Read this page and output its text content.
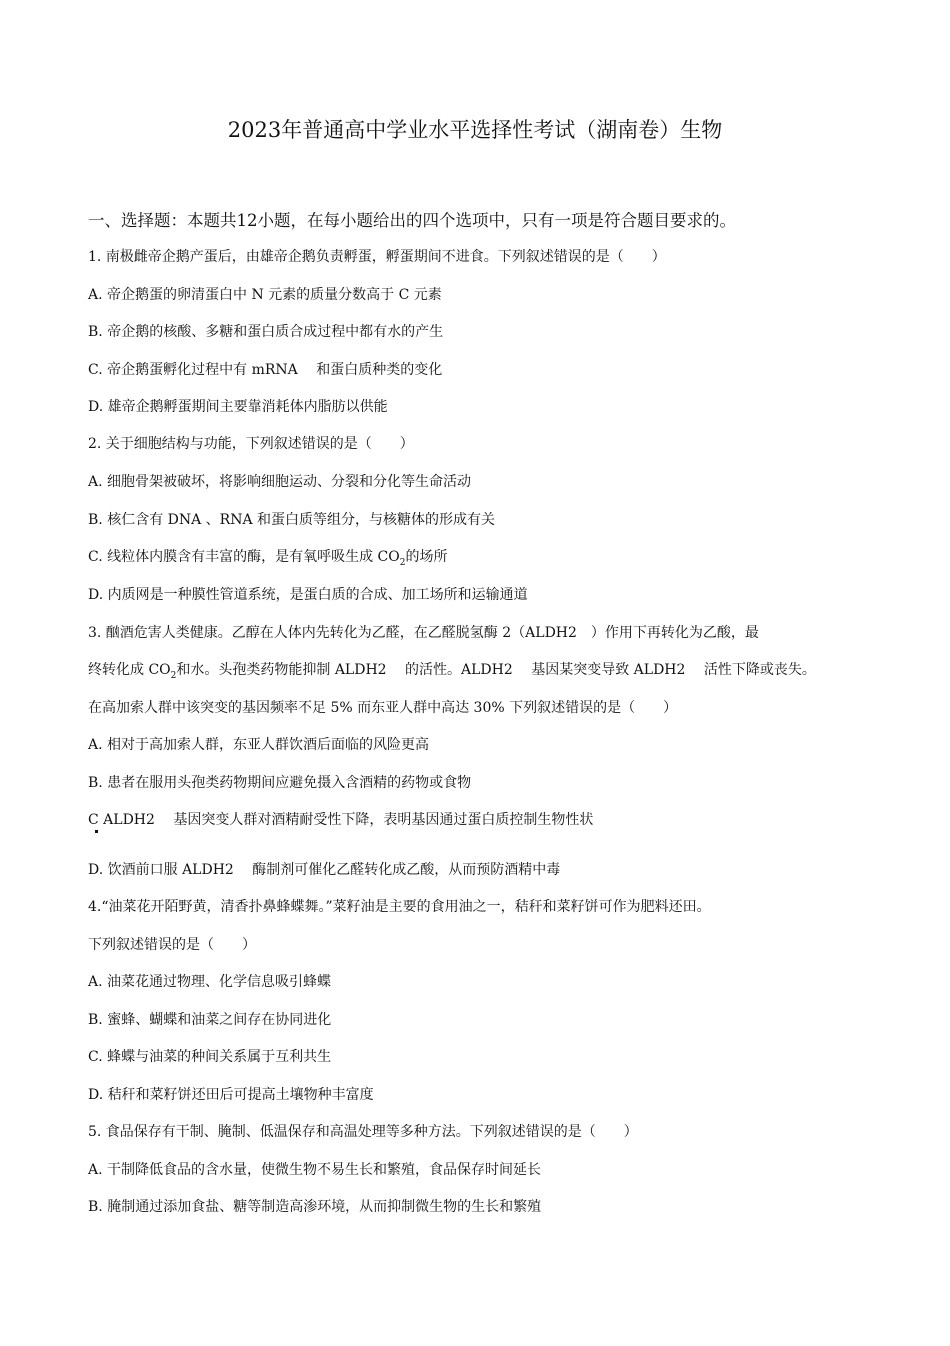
2023年普通高中学业水平选择性考试（湖南卷）生物
一、选择题：本题共12小题，在每小题给出的四个选项中，只有一项是符合题目要求的。
1. 南极雌帝企鹅产蛋后，由雄帝企鹅负责孵蛋，孵蛋期间不进食。下列叙述错误的是（　　）
A. 帝企鹅蛋的卵清蛋白中 N 元素的质量分数高于 C 元素
B. 帝企鹅的核酸、多糖和蛋白质合成过程中都有水的产生
C. 帝企鹅蛋孵化过程中有 mRNA　 和蛋白质种类的变化
D. 雄帝企鹅孵蛋期间主要靠消耗体内脂肪以供能
2. 关于细胞结构与功能，下列叙述错误的是（　　）
A. 细胞骨架被破坏，将影响细胞运动、分裂和分化等生命活动
B. 核仁含有 DNA 、RNA 和蛋白质等组分，与核糖体的形成有关
C. 线粒体内膜含有丰富的酶，是有氧呼吸生成 $CO_2$的场所
D. 内质网是一种膜性管道系统，是蛋白质的合成、加工场所和运输通道
3. 酗酒危害人类健康。乙醇在人体内先转化为乙醛，在乙醛脱氢酶 2（ALDH2　）作用下再转化为乙酸，最
终转化成 $CO_2$和水。头孢类药物能抑制 ALDH2　 的活性。ALDH2　 基因某突变导致 ALDH2　 活性下降或丧失。
在高加索人群中该突变的基因频率不足 5% 而东亚人群中高达 30% 下列叙述错误的是（　　）
A. 相对于高加索人群，东亚人群饮酒后面临的风险更高
B. 患者在服用头孢类药物期间应避免摄入含酒精的药物或食物
C ALDH2　 基因突变人群对酒精耐受性下降，表明基因通过蛋白质控制生物性状
D. 饮酒前口服 ALDH2　 酶制剂可催化乙醛转化成乙酸，从而预防酒精中毒
4.“油菜花开陌野黄，清香扑鼻蜂蝶舞。”菜籽油是主要的食用油之一，秸秆和菜籽饼可作为肥料还田。
下列叙述错误的是（　　）
A. 油菜花通过物理、化学信息吸引蜂蝶
B. 蜜蜂、蝴蝶和油菜之间存在协同进化
C. 蜂蝶与油菜的种间关系属于互利共生
D. 秸秆和菜籽饼还田后可提高土壤物种丰富度
5. 食品保存有干制、腌制、低温保存和高温处理等多种方法。下列叙述错误的是（　　）
A. 干制降低食品的含水量，使微生物不易生长和繁殖，食品保存时间延长
B. 腌制通过添加食盐、糖等制造高渗环境，从而抑制微生物的生长和繁殖
